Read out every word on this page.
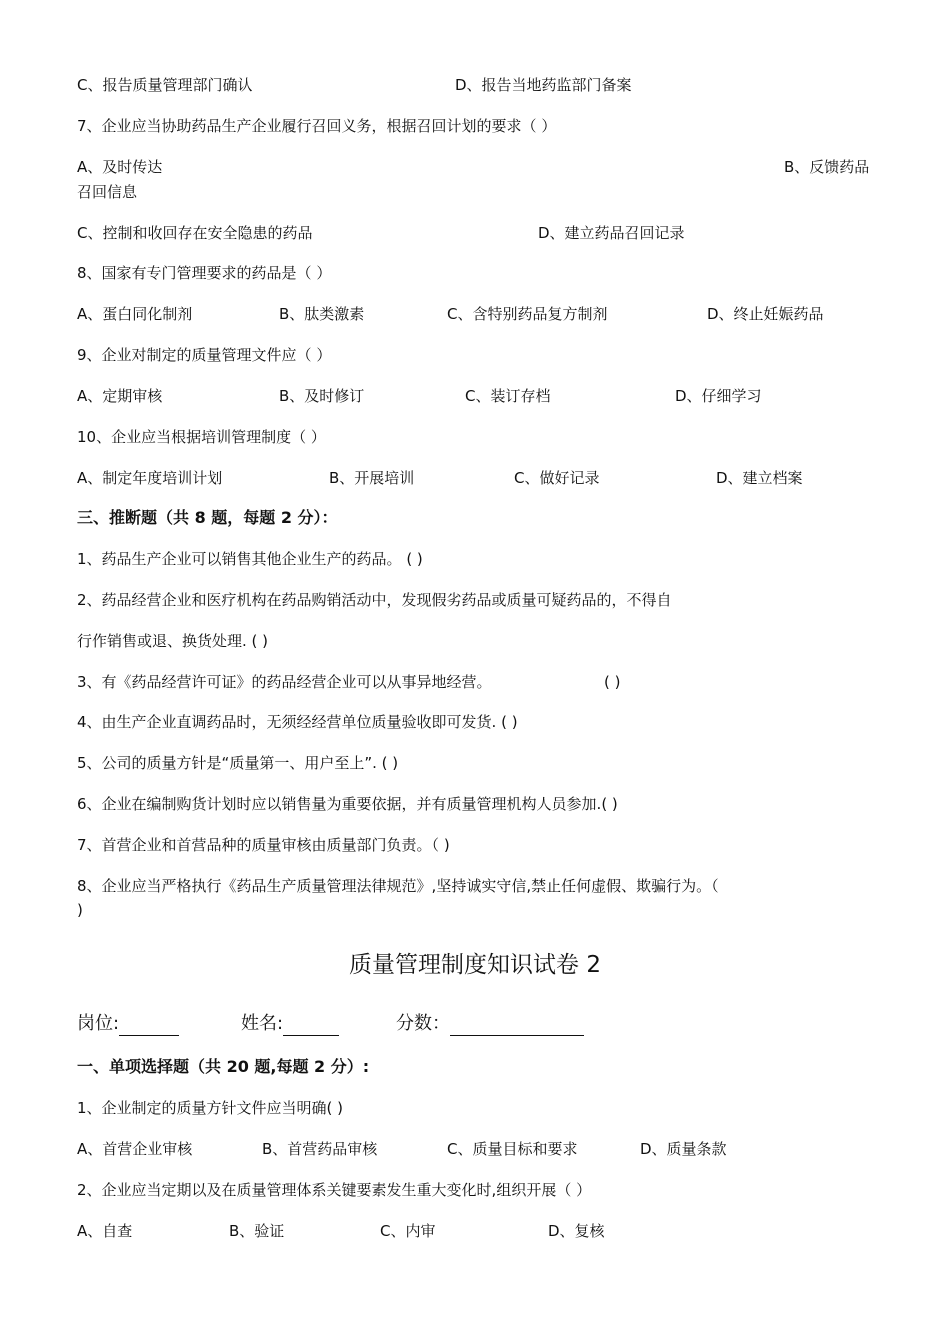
C、报告质量管理部门确认	D、报告当地药监部门备案
7、企业应当协助药品生产企业履行召回义务，根据召回计划的要求（ ）
A、及时传达	B、反馈药品
召回信息
C、控制和收回存在安全隐患的药品	D、建立药品召回记录
8、国家有专门管理要求的药品是（ ）
A、蛋白同化制剂	B、肽类激素	C、含特别药品复方制剂	D、终止妊娠药品
9、企业对制定的质量管理文件应（ ）
A、定期审核	B、及时修订	C、装订存档	D、仔细学习
10、企业应当根据培训管理制度（ ）
A、制定年度培训计划	B、开展培训	C、做好记录	D、建立档案
三、推断题（共 8 题，每题 2 分）：
1、药品生产企业可以销售其他企业生产的药品。 ( )
2、药品经营企业和医疗机构在药品购销活动中，发现假劣药品或质量可疑药品的，不得自
行作销售或退、换货处理. ( )
3、有《药品经营许可证》的药品经营企业可以从事异地经营。	( )
4、由生产企业直调药品时，无须经经营单位质量验收即可发货. ( )
5、公司的质量方针是“质量第一、用户至上”. ( )
6、企业在编制购货计划时应以销售量为重要依据，并有质量管理机构人员参加.( )
7、首营企业和首营品种的质量审核由质量部门负责。（ )
8、企业应当严格执行《药品生产质量管理法律规范》,坚持诚实守信,禁止任何虚假、欺骗行为。（
)
质量管理制度知识试卷 2
岗位:	姓名:	分数：
一、单项选择题（共 20 题,每题 2 分）:
1、企业制定的质量方针文件应当明确( )
A、首营企业审核	B、首营药品审核	C、质量目标和要求	D、质量条款
2、企业应当定期以及在质量管理体系关键要素发生重大变化时,组织开展（ ）
A、自查	B、验证	C、内审	D、复核
